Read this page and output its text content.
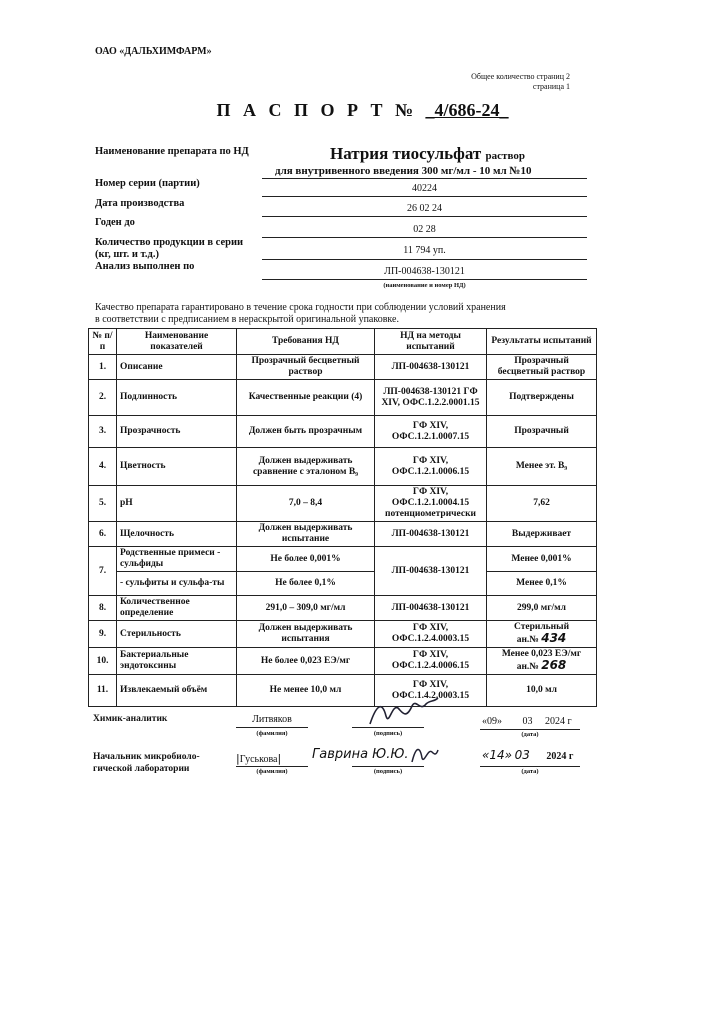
ОАО «ДАЛЬХИМФАРМ»
Общее количество страниц 2
страница 1
П А С П О Р Т № _4/686-24_
Наименование препарата по НД	Натрия тиосульфат раствор
для внутривенного введения 300 мг/мл - 10 мл №10
Номер серии (партии)	40224
Дата производства	26 02 24
Годен до
02 28
Количество продукции в серии
(кг, шт. и т.д.)	11 794 уп.
Анализ выполнен по	ЛП-004638-130121
(наименование и номер НД)
Качество препарата гарантировано в течение срока годности при соблюдении условий хранения
в соответствии с предписанием в нераскрытой оригинальной упаковке.
№ п/п	Наименование показателей	Требования НД	НД на методы испытаний	Результаты испытаний
1.	Описание	Прозрачный бесцветный раствор	ЛП-004638-130121	Прозрачный бесцветный раствор
2.	Подлинность	Качественные реакции (4)	ЛП-004638-130121 ГФ XIV, ОФС.1.2.2.0001.15	Подтверждены
3.	Прозрачность	Должен быть прозрачным	ГФ XIV, ОФС.1.2.1.0007.15	Прозрачный
4.	Цветность	Должен выдерживать сравнение с эталоном B₉	ГФ XIV, ОФС.1.2.1.0006.15	Менее эт. B₉
5.	pH	7,0 – 8,4	ГФ XIV, ОФС.1.2.1.0004.15 потенциометрически	7,62
6.	Щелочность	Должен выдерживать испытание	ЛП-004638-130121	Выдерживает
7.	Родственные примеси - сульфиды	Не более 0,001%	ЛП-004638-130121	Менее 0,001%
	- сульфиты и сульфа-ты	Не более 0,1%		Менее 0,1%
8.	Количественное определение	291,0 – 309,0 мг/мл	ЛП-004638-130121	299,0 мг/мл
9.	Стерильность	Должен выдерживать испытания	ГФ XIV, ОФС.1.2.4.0003.15	Стерильный
ан.№ 434

10.	Бактериальные эндотоксины	Не более 0,023 ЕЭ/мг	ГФ XIV, ОФС.1.2.4.0006.15	Менее 0,023 ЕЭ/мг
ан.№ 268

11.	Извлекаемый объём	Не менее 10,0 мл	ГФ XIV, ОФС.1.4.2.0003.15	10,0 мл
Химик-аналитик	Литвяков
(фамилия)	(подпись)
«09» 03 2024 г
(дата)
Начальник микробиоло-
гической лаборатории
|Гуськова| Гаврина Ю.Ю.
(фамилия)	(подпись)
«14» 03 2024 г
(дата)
